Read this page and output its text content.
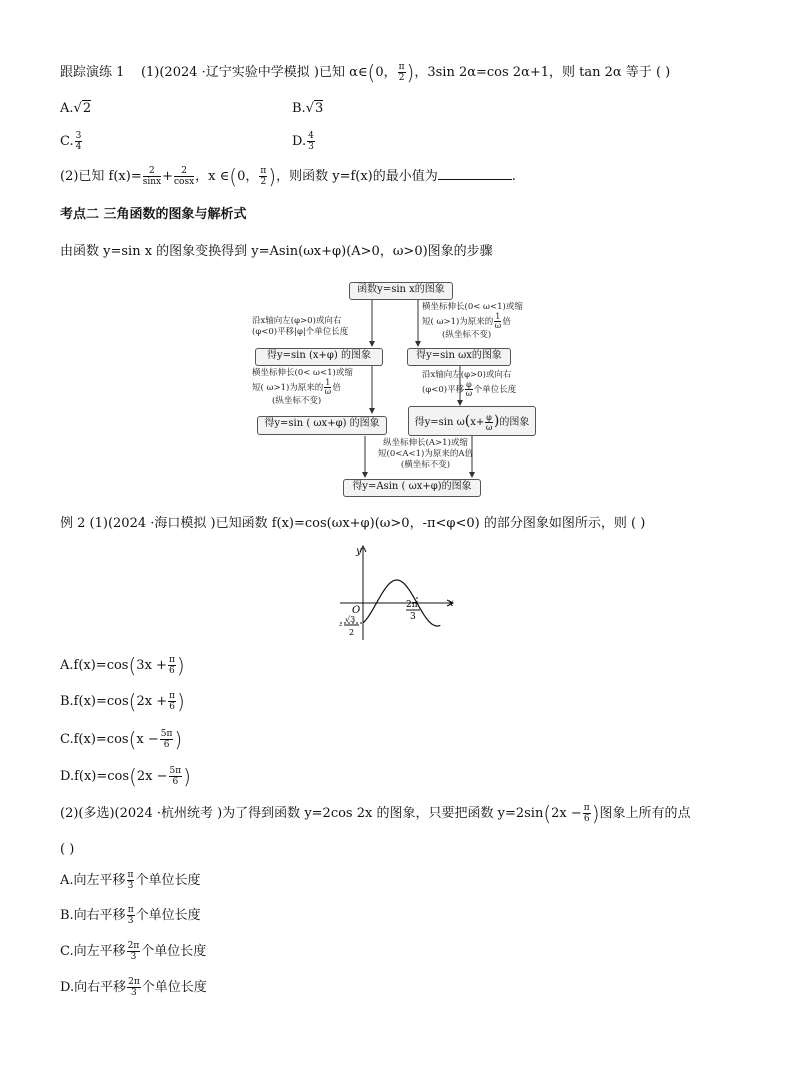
跟踪演练 1 (1)(2024 ·辽宁实验中学模拟 )已知 α∈(0， $\frac{\pi}{2}$ )，3sin 2α=cos 2α+1，则 tan 2α 等于 ( )
A.√2	B.√3
C. $\frac{3}{4}$	D. $\frac{4}{3}$
(2)已知 $f(x)= \frac{2}{\sin x} + \frac{2}{\cos x}$ ，x ∈(0， $\frac{\pi}{2}$ )，则函数 y=f(x)的最小值为	.
考点二 三角函数的图象与解析式
由函数 y=sin x 的图象变换得到 y=Asin(ωx+φ)(A>0，ω>0)图象的步骤
函数y=sin x的图象
得y=sin (x+φ) 的图象	得y=sin ωx的图象
得y=sin ( ωx+φ) 的图象	得y=sin $\omega(x+ \frac{\varphi}{\omega}$ )的图象
得y=Asin ( ωx+φ)的图象
沿x轴向左(φ>0)或向右
(φ<0)平移|φ|个单位长度
横坐标伸长(0< ω<1)或缩
短( ω>1)为原来的 $\frac{1}{\omega}$ 倍
(纵坐标不变)
横坐标伸长(0< ω<1)或缩
短( ω>1)为原来的 $\frac{1}{\omega}$ 倍
(纵坐标不变)
沿x轴向左(φ>0)或向右
(φ<0)平移 $\frac{\varphi}{\omega}$ 个单位长度
纵坐标伸长(A>1)或缩
短(0<A<1)为原来的A倍
(横坐标不变)
例 2 (1)(2024 ·海口模拟 )已知函数 f(x)=cos(ωx+φ)(ω>0，-π<φ<0) 的部分图象如图所示，则 ( )
y
x
O	2π
3
-
√3
2
$A.f(x)=\cos(3x + \frac{\pi}{6}$ )
$B.f(x)=\cos(2x + \frac{\pi}{6}$ )
$C.f(x)=\cos(x - \frac{5\pi}{6}$ )
$D.f(x)=\cos(2x - \frac{5\pi}{6}$ )
(2)(多选)(2024 ·杭州统考 )为了得到函数 y=2cos 2x 的图象，只要把函数 $y=2\sin(2x - \frac{\pi}{6}$ )图象上所有的点
( )
A.向左平移 $\frac{\pi}{3}$ 个单位长度
B.向右平移 $\frac{\pi}{3}$ 个单位长度
C.向左平移 $\frac{2\pi}{3}$ 个单位长度
D.向右平移 $\frac{2\pi}{3}$ 个单位长度
